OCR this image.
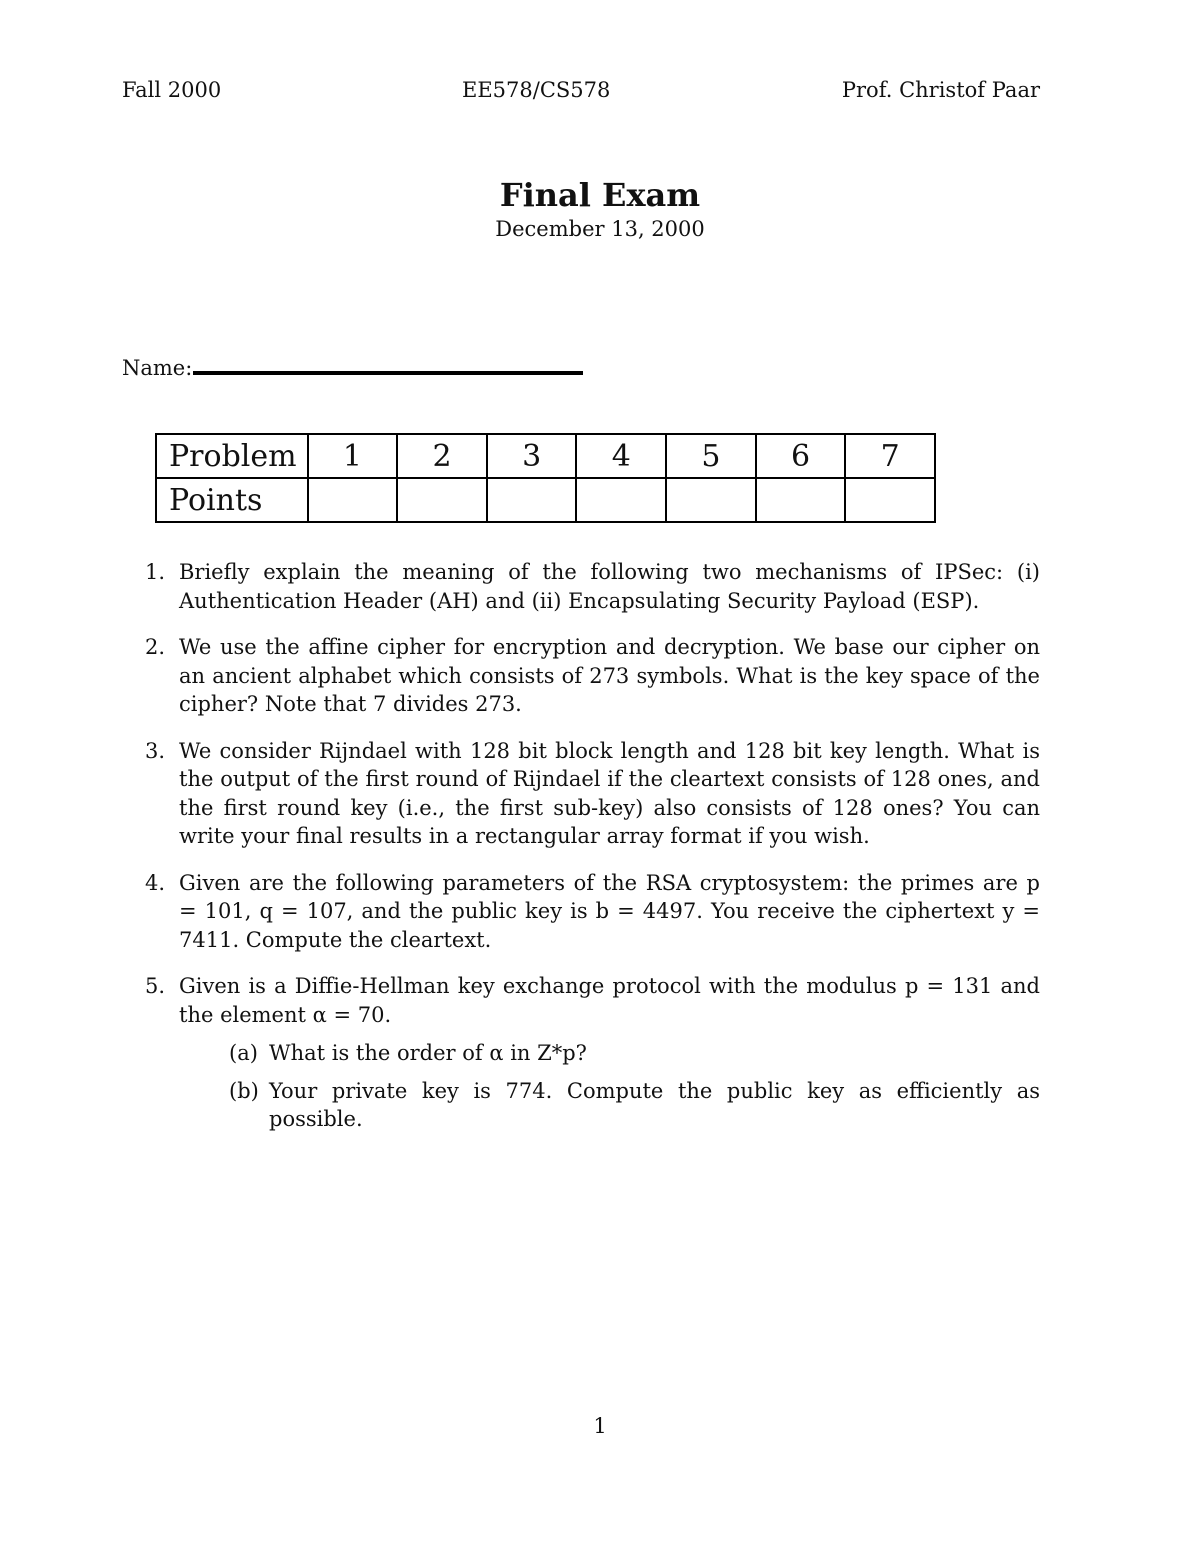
Fall 2000	EE578/CS578	Prof. Christof Paar
Final Exam
December 13, 2000
Name:
Problem	1	2	3	4	5	6	7
Points							
1. Briefly explain the meaning of the following two mechanisms of IPSec: (i) Authentication Header (AH) and (ii) Encapsulating Security Payload (ESP).
2. We use the affine cipher for encryption and decryption. We base our cipher on an ancient alphabet which consists of 273 symbols. What is the key space of the cipher? Note that 7 divides 273.
3. We consider Rijndael with 128 bit block length and 128 bit key length. What is the output of the first round of Rijndael if the cleartext consists of 128 ones, and the first round key (i.e., the first sub-key) also consists of 128 ones? You can write your final results in a rectangular array format if you wish.
4. Given are the following parameters of the RSA cryptosystem: the primes are p = 101, q = 107, and the public key is b = 4497. You receive the ciphertext y = 7411. Compute the cleartext.
5. Given is a Diffie-Hellman key exchange protocol with the modulus p = 131 and the element α = 70.
(a) What is the order of α in Z*p?
(b) Your private key is 774. Compute the public key as efficiently as possible.
1
